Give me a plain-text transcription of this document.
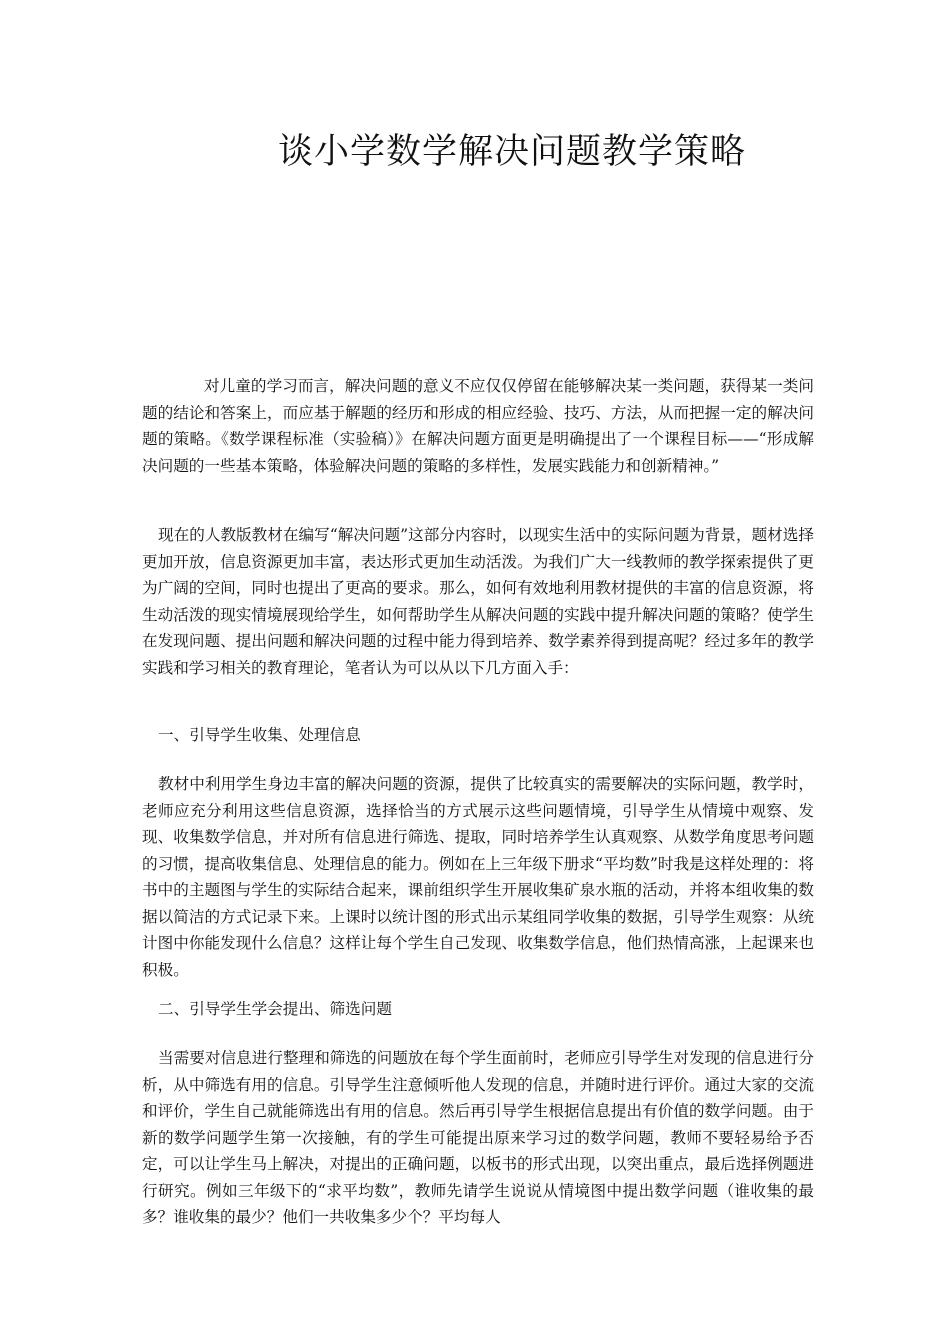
谈小学数学解决问题教学策略

对儿童的学习而言，解决问题的意义不应仅仅停留在能够解决某一类问题，获得某一类问题的结论和答案上，而应基于解题的经历和形成的相应经验、技巧、方法，从而把握一定的解决问题的策略。《数学课程标准（实验稿）》在解决问题方面更是明确提出了一个课程目标——“形成解决问题的一些基本策略，体验解决问题的策略的多样性，发展实践能力和创新精神。”

现在的人教版教材在编写“解决问题”这部分内容时，以现实生活中的实际问题为背景，题材选择更加开放，信息资源更加丰富，表达形式更加生动活泼。为我们广大一线教师的教学探索提供了更为广阔的空间，同时也提出了更高的要求。那么，如何有效地利用教材提供的丰富的信息资源，将生动活泼的现实情境展现给学生，如何帮助学生从解决问题的实践中提升解决问题的策略？使学生在发现问题、提出问题和解决问题的过程中能力得到培养、数学素养得到提高呢？经过多年的教学实践和学习相关的教育理论，笔者认为可以从以下几方面入手：

一、引导学生收集、处理信息

教材中利用学生身边丰富的解决问题的资源，提供了比较真实的需要解决的实际问题，教学时，老师应充分利用这些信息资源，选择恰当的方式展示这些问题情境，引导学生从情境中观察、发现、收集数学信息，并对所有信息进行筛选、提取，同时培养学生认真观察、从数学角度思考问题的习惯，提高收集信息、处理信息的能力。例如在上三年级下册求“平均数”时我是这样处理的：将书中的主题图与学生的实际结合起来，课前组织学生开展收集矿泉水瓶的活动，并将本组收集的数据以简洁的方式记录下来。上课时以统计图的形式出示某组同学收集的数据，引导学生观察：从统计图中你能发现什么信息？这样让每个学生自己发现、收集数学信息，他们热情高涨，上起课来也积极。

二、引导学生学会提出、筛选问题

当需要对信息进行整理和筛选的问题放在每个学生面前时，老师应引导学生对发现的信息进行分析，从中筛选有用的信息。引导学生注意倾听他人发现的信息，并随时进行评价。通过大家的交流和评价，学生自己就能筛选出有用的信息。然后再引导学生根据信息提出有价值的数学问题。由于新的数学问题学生第一次接触，有的学生可能提出原来学习过的数学问题，教师不要轻易给予否定，可以让学生马上解决，对提出的正确问题，以板书的形式出现，以突出重点，最后选择例题进行研究。例如三年级下的“求平均数”，教师先请学生说说从情境图中提出数学问题（谁收集的最多？谁收集的最少？他们一共收集多少个？平均每人
